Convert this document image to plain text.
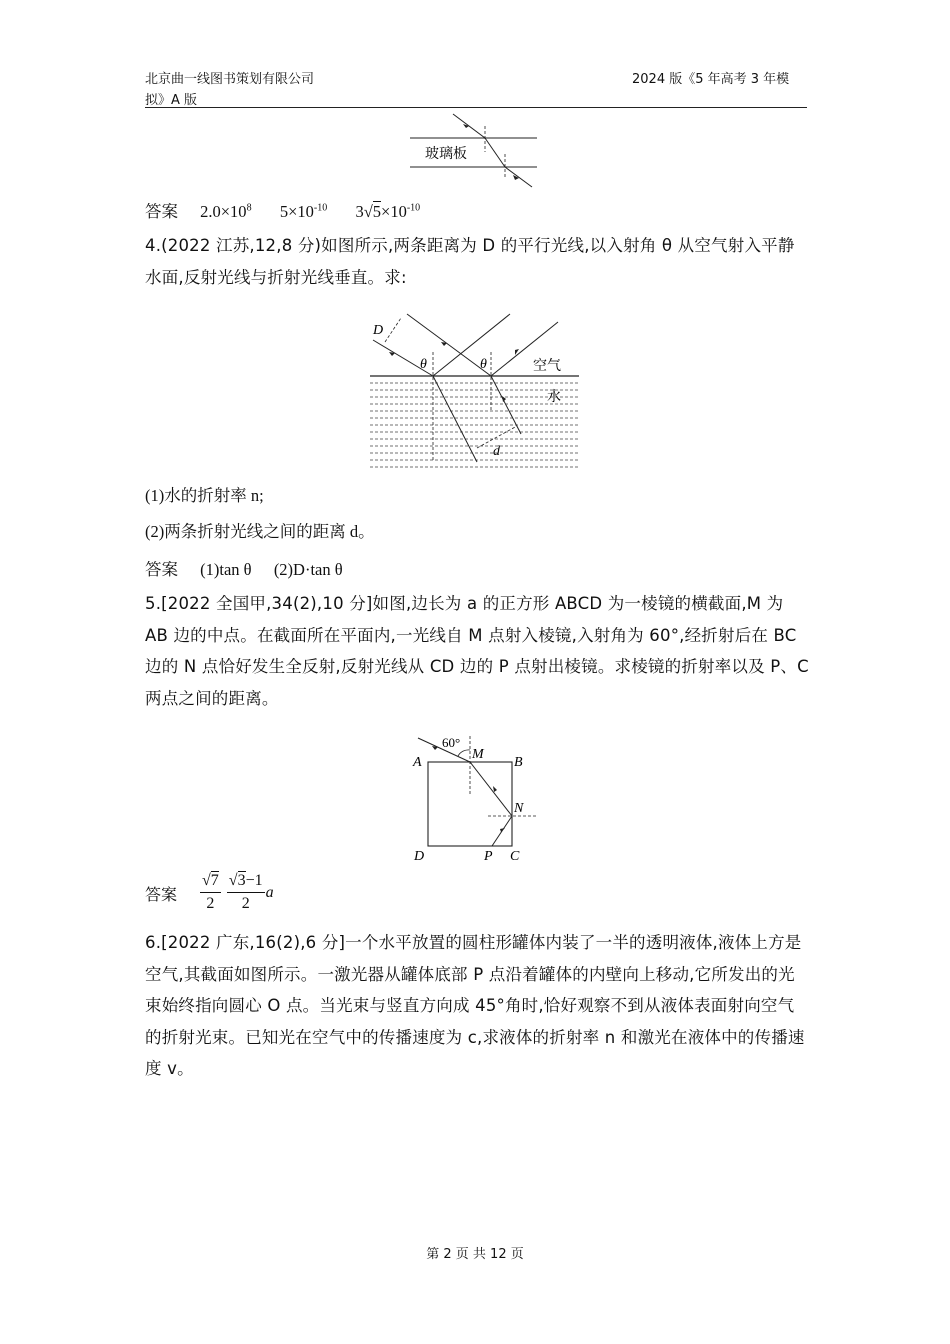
北京曲一线图书策划有限公司
拟》A 版
2024 版《5 年高考 3 年模
玻璃板
答案 $2.0\times 10^8$ $5\times 10^{-10}$ $3√5\times 10^{-10}$
4.(2022 江苏,12,8 分)如图所示,两条距离为 D 的平行光线,以入射角 θ 从空气射入平静水面,反射光线与折射光线垂直。求:
D
θ	θ	空气
水
d
(1)水的折射率 n;
(2)两条折射光线之间的距离 d。
答案 (1)tan θ (2)D·tan θ
5.[2022 全国甲,34(2),10 分]如图,边长为 a 的正方形 ABCD 为一棱镜的横截面,M 为 AB 边的中点。在截面所在平面内,一光线自 M 点射入棱镜,入射角为 60°,经折射后在 BC 边的 N 点恰好发生全反射,反射光线从 CD 边的 P 点射出棱镜。求棱镜的折射率以及 P、C 两点之间的距离。
60°
A
M
B
N
D	P C
答案 $\frac{√7}{2}$
$\frac{√3-1}{2}$ a
6.[2022 广东,16(2),6 分]一个水平放置的圆柱形罐体内装了一半的透明液体,液体上方是空气,其截面如图所示。一激光器从罐体底部 P 点沿着罐体的内壁向上移动,它所发出的光束始终指向圆心 O 点。当光束与竖直方向成 45°角时,恰好观察不到从液体表面射向空气的折射光束。已知光在空气中的传播速度为 c,求液体的折射率 n 和激光在液体中的传播速度 v。
第 2 页 共 12 页
